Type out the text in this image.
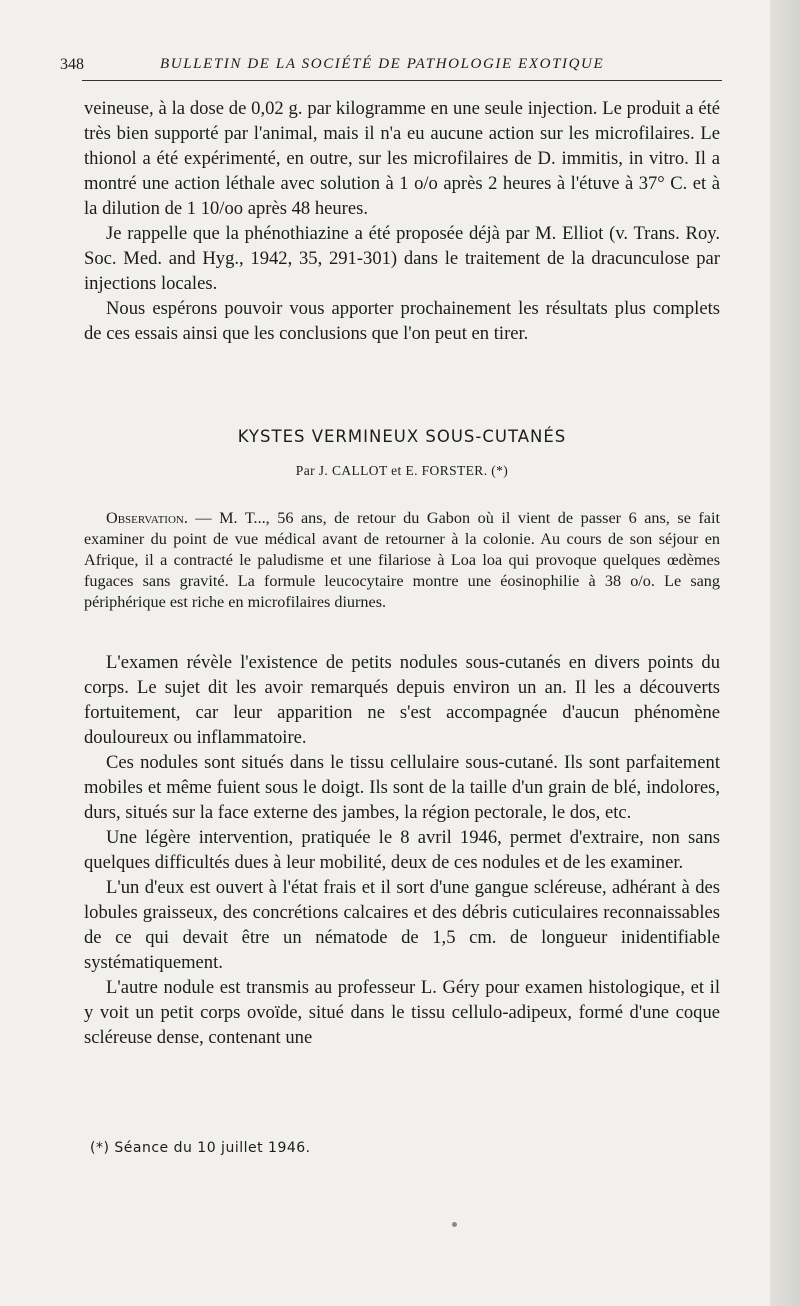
348	BULLETIN DE LA SOCIÉTÉ DE PATHOLOGIE EXOTIQUE

veineuse, à la dose de 0,02 g. par kilogramme en une seule injection. Le produit a été très bien supporté par l'animal, mais il n'a eu aucune action sur les microfilaires. Le thionol a été expérimenté, en outre, sur les microfilaires de D. immitis, in vitro. Il a montré une action léthale avec solution à 1 o/o après 2 heures à l'étuve à 37° C. et à la dilution de 1 10/oo après 48 heures.

Je rappelle que la phénothiazine a été proposée déjà par M. Elliot (v. Trans. Roy. Soc. Med. and Hyg., 1942, 35, 291-301) dans le traitement de la dracunculose par injections locales.

Nous espérons pouvoir vous apporter prochainement les résultats plus complets de ces essais ainsi que les conclusions que l'on peut en tirer.

KYSTES VERMINEUX SOUS-CUTANÉS
Par J. CALLOT et E. FORSTER. (*)

Observation. — M. T..., 56 ans, de retour du Gabon où il vient de passer 6 ans, se fait examiner du point de vue médical avant de retourner à la colonie. Au cours de son séjour en Afrique, il a contracté le paludisme et une filariose à Loa loa qui provoque quelques œdèmes fugaces sans gravité. La formule leucocytaire montre une éosinophilie à 38 o/o. Le sang périphérique est riche en microfilaires diurnes.

L'examen révèle l'existence de petits nodules sous-cutanés en divers points du corps. Le sujet dit les avoir remarqués depuis environ un an. Il les a découverts fortuitement, car leur apparition ne s'est accompagnée d'aucun phénomène douloureux ou inflammatoire.

Ces nodules sont situés dans le tissu cellulaire sous-cutané. Ils sont parfaitement mobiles et même fuient sous le doigt. Ils sont de la taille d'un grain de blé, indolores, durs, situés sur la face externe des jambes, la région pectorale, le dos, etc.

Une légère intervention, pratiquée le 8 avril 1946, permet d'extraire, non sans quelques difficultés dues à leur mobilité, deux de ces nodules et de les examiner.

L'un d'eux est ouvert à l'état frais et il sort d'une gangue scléreuse, adhérant à des lobules graisseux, des concrétions calcaires et des débris cuticulaires reconnaissables de ce qui devait être un nématode de 1,5 cm. de longueur inidentifiable systématiquement.

L'autre nodule est transmis au professeur L. Géry pour examen histologique, et il y voit un petit corps ovoïde, situé dans le tissu cellulo-adipeux, formé d'une coque scléreuse dense, contenant une

(*) Séance du 10 juillet 1946.
